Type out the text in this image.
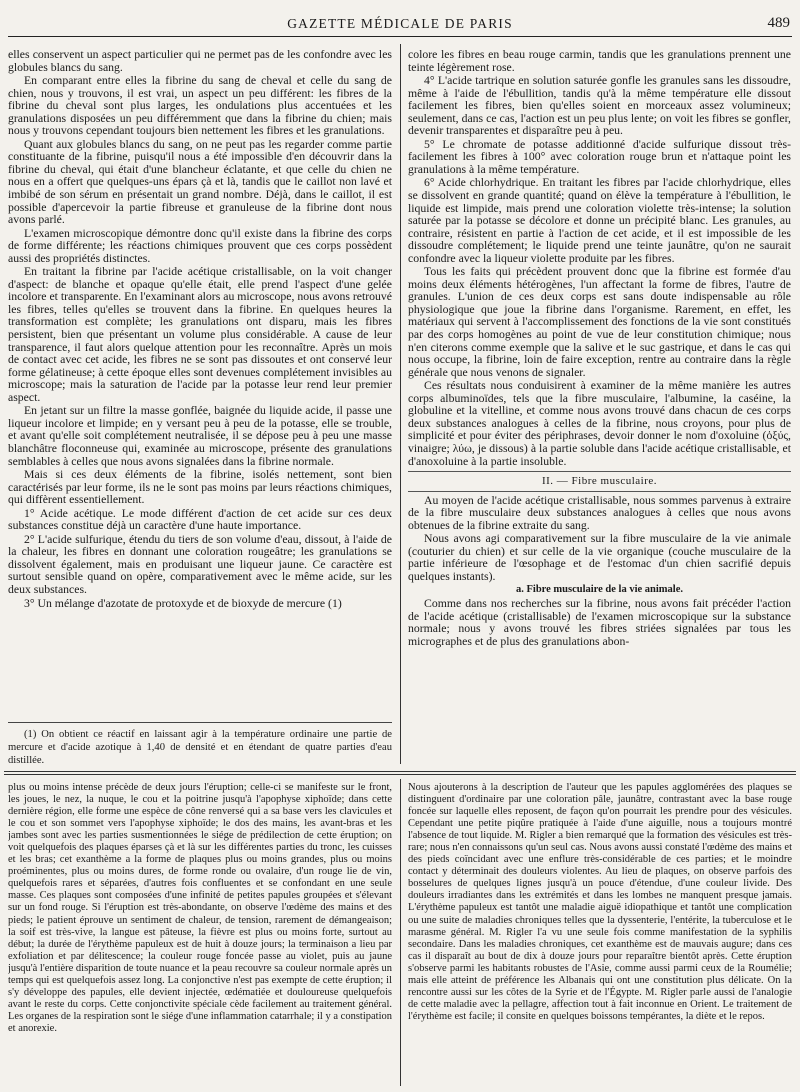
GAZETTE MÉDICALE DE PARIS	489

elles conservent un aspect particulier qui ne permet pas de les confondre avec les globules blancs du sang.

En comparant entre elles la fibrine du sang de cheval et celle du sang de chien, nous y trouvons, il est vrai, un aspect un peu différent: les fibres de la fibrine du cheval sont plus larges, les ondulations plus accentuées et les granulations disposées un peu différemment que dans la fibrine du chien; mais nous y trouvons cependant toujours bien nettement les fibres et les granulations.

Quant aux globules blancs du sang, on ne peut pas les regarder comme partie constituante de la fibrine, puisqu'il nous a été impossible d'en découvrir dans la fibrine du cheval, qui était d'une blancheur éclatante, et que celle du chien ne nous en a offert que quelques-uns épars çà et là, tandis que le caillot non lavé et imbibé de son sérum en présentait un grand nombre. Déjà, dans le caillot, il est possible d'apercevoir la partie fibreuse et granuleuse de la fibrine dont nous avons parlé.

L'examen microscopique démontre donc qu'il existe dans la fibrine des corps de forme différente; les réactions chimiques prouvent que ces corps possèdent aussi des propriétés distinctes.

En traitant la fibrine par l'acide acétique cristallisable, on la voit changer d'aspect: de blanche et opaque qu'elle était, elle prend l'aspect d'une gelée incolore et transparente. En l'examinant alors au microscope, nous avons retrouvé les fibres, telles qu'elles se trouvent dans la fibrine. En quelques heures la transformation est complète; les granulations ont disparu, mais les fibres persistent, bien que présentant un volume plus considérable. A cause de leur transparence, il faut alors quelque attention pour les reconnaître. Après un mois de contact avec cet acide, les fibres ne se sont pas dissoutes et ont conservé leur forme gélatineuse; à cette époque elles sont devenues complétement invisibles au microscope; mais la saturation de l'acide par la potasse leur rend leur premier aspect.

En jetant sur un filtre la masse gonflée, baignée du liquide acide, il passe une liqueur incolore et limpide; en y versant peu à peu de la potasse, elle se trouble, et avant qu'elle soit complétement neutralisée, il se dépose peu à peu une masse blanchâtre floconneuse qui, examinée au microscope, présente des granulations semblables à celles que nous avons signalées dans la fibrine normale.

Mais si ces deux éléments de la fibrine, isolés nettement, sont bien caractérisés par leur forme, ils ne le sont pas moins par leurs réactions chimiques, qui diffèrent essentiellement.

1° Acide acétique. Le mode différent d'action de cet acide sur ces deux substances constitue déjà un caractère d'une haute importance.

2° L'acide sulfurique, étendu du tiers de son volume d'eau, dissout, à l'aide de la chaleur, les fibres en donnant une coloration rougeâtre; les granulations se dissolvent également, mais en produisant une liqueur jaune. Ce caractère est surtout sensible quand on opère, comparativement avec le même acide, sur les deux substances.

3° Un mélange d'azotate de protoxyde et de bioxyde de mercure (1)

(1) On obtient ce réactif en laissant agir à la température ordinaire une partie de mercure et d'acide azotique à 1,40 de densité et en étendant de quatre parties d'eau distillée.

colore les fibres en beau rouge carmin, tandis que les granulations prennent une teinte légèrement rose.

4° L'acide tartrique en solution saturée gonfle les granules sans les dissoudre, même à l'aide de l'ébullition, tandis qu'à la même température elle dissout facilement les fibres, bien qu'elles soient en morceaux assez volumineux; seulement, dans ce cas, l'action est un peu plus lente; on voit les fibres se gonfler, devenir transparentes et disparaître peu à peu.

5° Le chromate de potasse additionné d'acide sulfurique dissout très-facilement les fibres à 100° avec coloration rouge brun et n'attaque point les granulations à la même température.

6° Acide chlorhydrique. En traitant les fibres par l'acide chlorhydrique, elles se dissolvent en grande quantité; quand on élève la température à l'ébullition, le liquide est limpide, mais prend une coloration violette très-intense; la solution saturée par la potasse se décolore et donne un précipité blanc. Les granules, au contraire, résistent en partie à l'action de cet acide, et il est impossible de les dissoudre complétement; le liquide prend une teinte jaunâtre, qu'on ne saurait confondre avec la liqueur violette produite par les fibres.

Tous les faits qui précèdent prouvent donc que la fibrine est formée d'au moins deux éléments hétérogènes, l'un affectant la forme de fibres, l'autre de granules. L'union de ces deux corps est sans doute indispensable au rôle physiologique que joue la fibrine dans l'organisme. Rarement, en effet, les matériaux qui servent à l'accomplissement des fonctions de la vie sont constitués par des corps homogènes au point de vue de leur constitution chimique; nous n'en citerons comme exemple que la salive et le suc gastrique, et dans le cas qui nous occupe, la fibrine, loin de faire exception, rentre au contraire dans la règle générale que nous venons de signaler.

Ces résultats nous conduisirent à examiner de la même manière les autres corps albuminoïdes, tels que la fibre musculaire, l'albumine, la caséine, la globuline et la vitelline, et comme nous avons trouvé dans chacun de ces corps deux substances analogues à celles de la fibrine, nous croyons, pour plus de simplicité et pour éviter des périphrases, devoir donner le nom d'oxoluine (ὀξύς, vinaigre; λύω, je dissous) à la partie soluble dans l'acide acétique cristallisable, et d'anoxoluine à la partie insoluble.

II. — Fibre musculaire.

Au moyen de l'acide acétique cristallisable, nous sommes parvenus à extraire de la fibre musculaire deux substances analogues à celles que nous avons obtenues de la fibrine extraite du sang.

Nous avons agi comparativement sur la fibre musculaire de la vie animale (couturier du chien) et sur celle de la vie organique (couche musculaire de la partie inférieure de l'œsophage et de l'estomac d'un chien sacrifié depuis quelques instants).

a. Fibre musculaire de la vie animale.

Comme dans nos recherches sur la fibrine, nous avons fait précéder l'action de l'acide acétique (cristallisable) de l'examen microscopique sur la substance normale; nous y avons trouvé les fibres striées signalées par tous les micrographes et de plus des granulations abon-

plus ou moins intense précède de deux jours l'éruption; celle-ci se manifeste sur le front, les joues, le nez, la nuque, le cou et la poitrine jusqu'à l'apophyse xiphoïde; dans cette dernière région, elle forme une espèce de cône renversé qui a sa base vers les clavicules et le cou et son sommet vers l'apophyse xiphoïde; le dos des mains, les avant-bras et les jambes sont avec les parties susmentionnées le siége de prédilection de cette éruption; on voit quelquefois des plaques éparses çà et là sur les différentes parties du tronc, les cuisses et les bras; cet exanthème a la forme de plaques plus ou moins grandes, plus ou moins proéminentes, plus ou moins dures, de forme ronde ou ovalaire, d'un rouge lie de vin, quelquefois rares et séparées, d'autres fois confluentes et se confondant en une seule masse. Ces plaques sont composées d'une infinité de petites papules groupées et s'élevant sur un fond rouge. Si l'éruption est très-abondante, on observe l'œdème des mains et des pieds; le patient éprouve un sentiment de chaleur, de tension, rarement de démangeaison; la soif est très-vive, la langue est pâteuse, la fièvre est plus ou moins forte, surtout au début; la durée de l'érythème papuleux est de huit à douze jours; la terminaison a lieu par exfoliation et par délitescence; la couleur rouge foncée passe au violet, puis au jaune jusqu'à l'entière disparition de toute nuance et la peau recouvre sa couleur normale après un temps qui est quelquefois assez long. La conjonctive n'est pas exempte de cette éruption; il s'y développe des papules, elle devient injectée, œdématiée et douloureuse quelquefois avant le reste du corps. Cette conjonctivite spéciale cède facilement au traitement général. Les organes de la respiration sont le siége d'une inflammation catarrhale; il y a constipation et anorexie.

Nous ajouterons à la description de l'auteur que les papules agglomérées des plaques se distinguent d'ordinaire par une coloration pâle, jaunâtre, contrastant avec la base rouge foncée sur laquelle elles reposent, de façon qu'on pourrait les prendre pour des vésicules. Cependant une petite piqûre pratiquée à l'aide d'une aiguille, nous a toujours montré l'absence de tout liquide. M. Rigler a bien remarqué que la formation des vésicules est très-rare; nous n'en connaissons qu'un seul cas. Nous avons aussi constaté l'œdème des mains et des pieds coïncidant avec une enflure très-considérable de ces parties; et le moindre contact y déterminait des douleurs violentes. Au lieu de plaques, on observe parfois des bosselures de quelques lignes jusqu'à un pouce d'étendue, d'une couleur livide. Des douleurs irradiantes dans les extrémités et dans les lombes ne manquent presque jamais. L'érythème papuleux est tantôt une maladie aiguë idiopathique et tantôt une complication ou une suite de maladies chroniques telles que la dyssenterie, l'entérite, la tuberculose et le marasme général. M. Rigler l'a vu une seule fois comme manifestation de la syphilis secondaire. Dans les maladies chroniques, cet exanthème est de mauvais augure; dans ces cas il disparaît au bout de dix à douze jours pour reparaître bientôt après. Cette éruption s'observe parmi les habitants robustes de l'Asie, comme aussi parmi ceux de la Roumélie; mais elle atteint de préférence les Albanais qui ont une constitution plus délicate. On la rencontre aussi sur les côtes de la Syrie et de l'Égypte. M. Rigler parle aussi de l'analogie de cette maladie avec la pellagre, affection tout à fait inconnue en Orient. Le traitement de l'érythème est facile; il consite en quelques boissons tempérantes, la diète et le repos.
